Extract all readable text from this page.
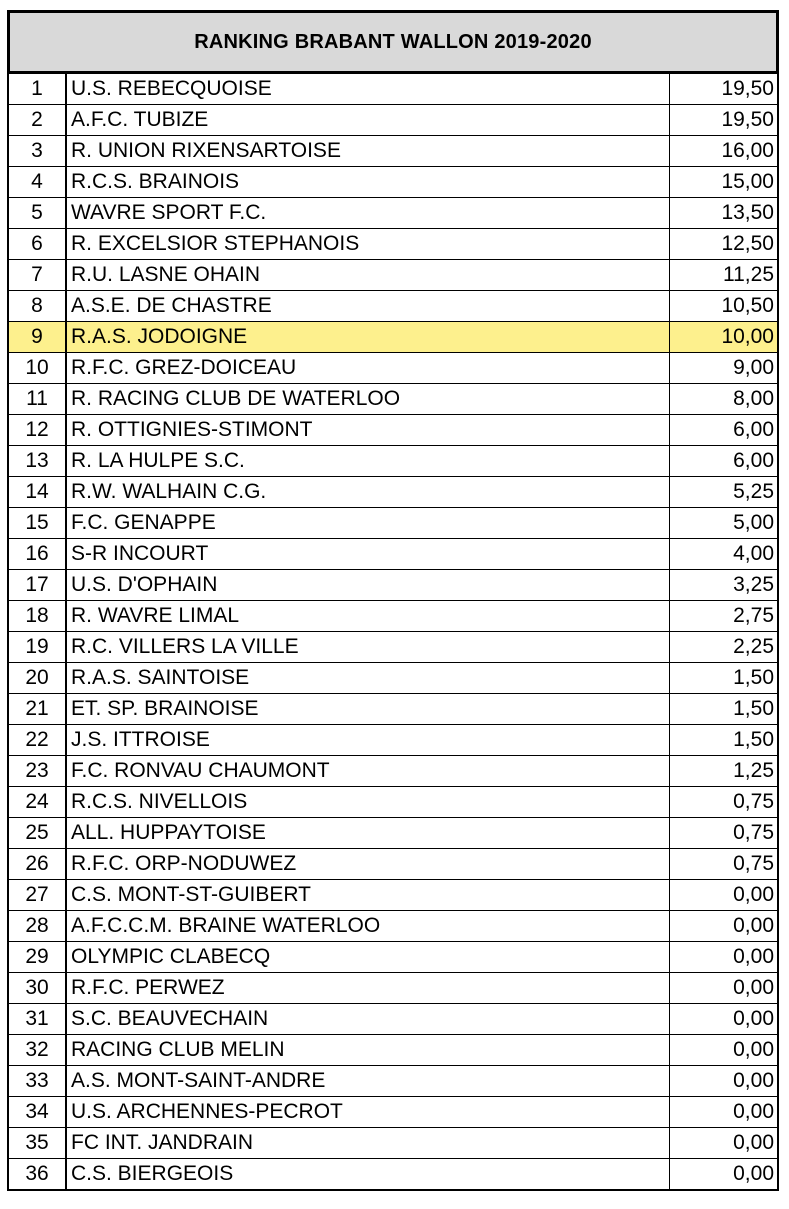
RANKING BRABANT WALLON 2019-2020
1	U.S. REBECQUOISE	19,50
2	A.F.C. TUBIZE	19,50
3	R. UNION RIXENSARTOISE	16,00
4	R.C.S. BRAINOIS	15,00
5	WAVRE SPORT F.C.	13,50
6	R. EXCELSIOR STEPHANOIS	12,50
7	R.U. LASNE OHAIN	11,25
8	A.S.E. DE CHASTRE	10,50
9	R.A.S. JODOIGNE	10,00
10	R.F.C. GREZ-DOICEAU	9,00
11	R. RACING CLUB DE WATERLOO	8,00
12	R. OTTIGNIES-STIMONT	6,00
13	R. LA HULPE S.C.	6,00
14	R.W. WALHAIN C.G.	5,25
15	F.C. GENAPPE	5,00
16	S-R INCOURT	4,00
17	U.S. D'OPHAIN	3,25
18	R. WAVRE LIMAL	2,75
19	R.C. VILLERS LA VILLE	2,25
20	R.A.S. SAINTOISE	1,50
21	ET. SP. BRAINOISE	1,50
22	J.S. ITTROISE	1,50
23	F.C. RONVAU CHAUMONT	1,25
24	R.C.S. NIVELLOIS	0,75
25	ALL. HUPPAYTOISE	0,75
26	R.F.C. ORP-NODUWEZ	0,75
27	C.S. MONT-ST-GUIBERT	0,00
28	A.F.C.C.M. BRAINE WATERLOO	0,00
29	OLYMPIC CLABECQ	0,00
30	R.F.C. PERWEZ	0,00
31	S.C. BEAUVECHAIN	0,00
32	RACING CLUB MELIN	0,00
33	A.S. MONT-SAINT-ANDRE	0,00
34	U.S. ARCHENNES-PECROT	0,00
35	FC INT. JANDRAIN	0,00
36	C.S. BIERGEOIS	0,00
